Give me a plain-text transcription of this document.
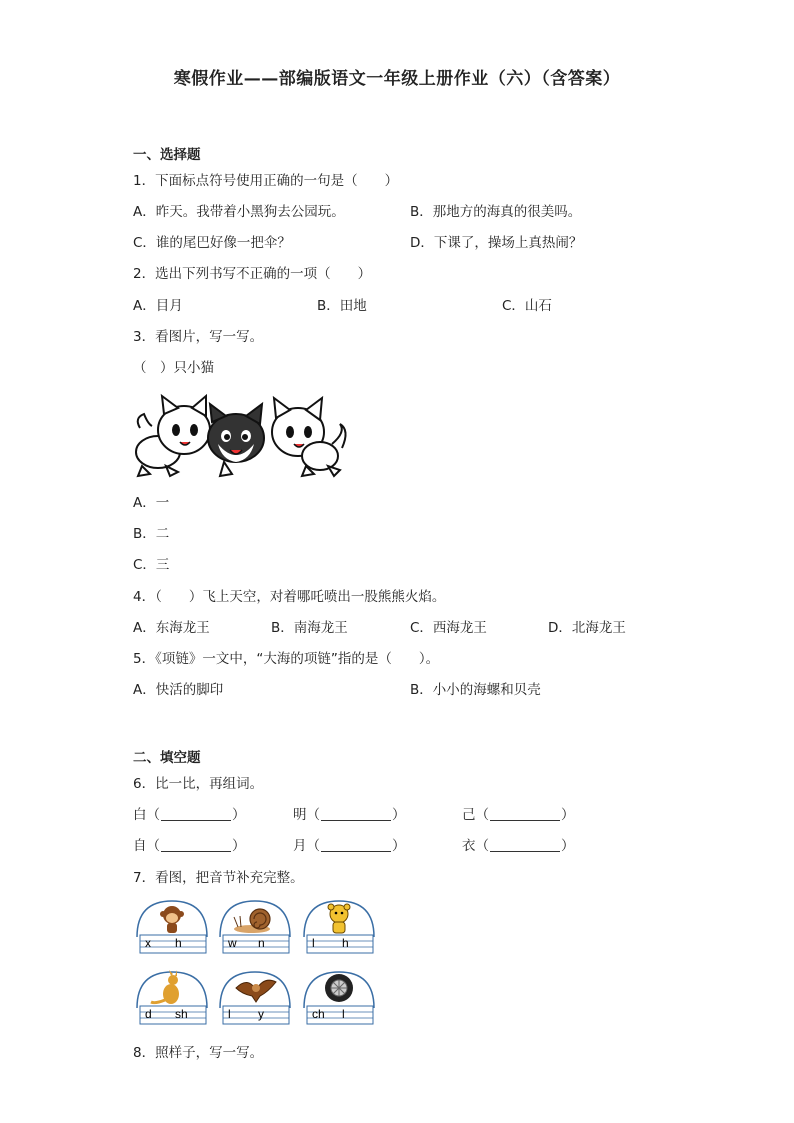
寒假作业——部编版语文一年级上册作业（六）（含答案）
一、选择题
1．下面标点符号使用正确的一句是（　　）
A．昨天。我带着小黑狗去公园玩。	B．那地方的海真的很美吗。
C．谁的尾巴好像一把伞？	D．下课了，操场上真热闹？
2．选出下列书写不正确的一项（　　）
A．目月	B．田地	C．山石
3．看图片，写一写。
（　）只小猫
A．一
B．二
C．三
4．（　　）飞上天空，对着哪吒喷出一股熊熊火焰。
A．东海龙王	B．南海龙王	C．西海龙王	D．北海龙王
5．《项链》一文中，“大海的项链”指的是（　　）。
A．快活的脚印	B．小小的海螺和贝壳
二、填空题
6．比一比，再组词。
白（	）	明（	）	己（	）
自（	）	月（	）	衣（	）
7．看图，把音节补充完整。
x h	w n	l h
d sh	l y	ch l
8．照样子，写一写。
